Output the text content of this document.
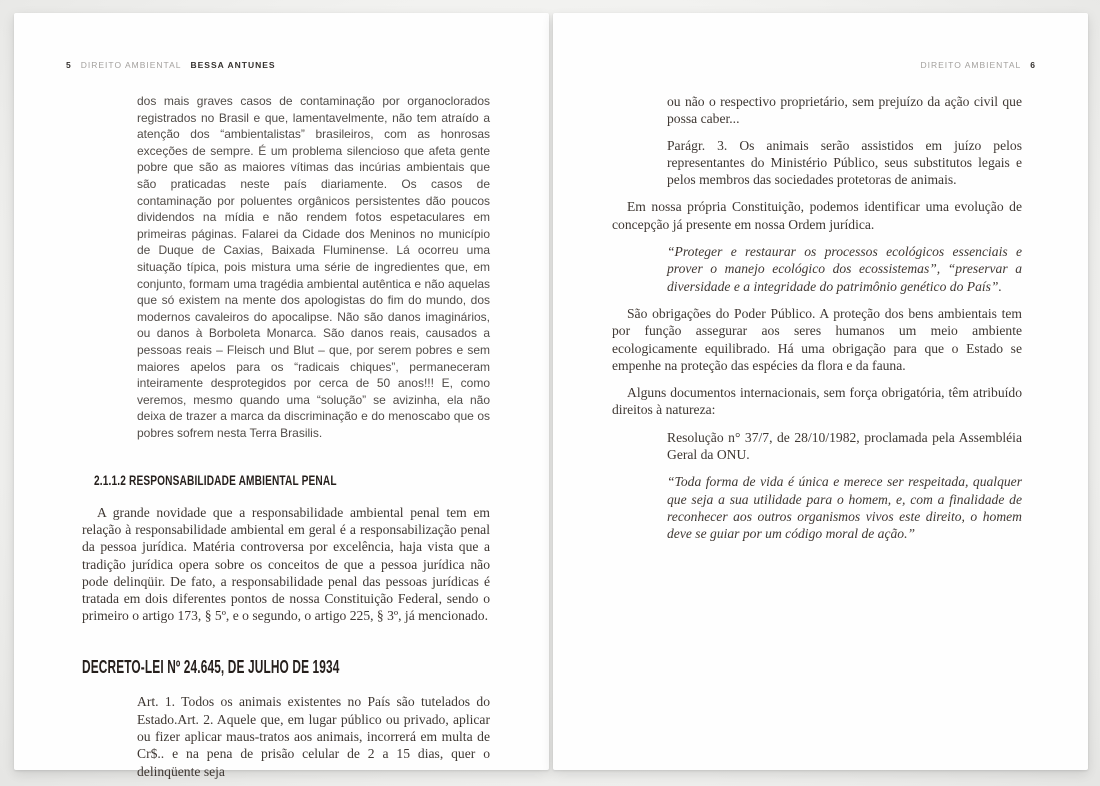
5 DIREITO AMBIENTAL BESSA ANTUNES

dos mais graves casos de contaminação por organoclorados registrados no Brasil e que, lamentavelmente, não tem atraído a atenção dos “ambientalistas” brasileiros, com as honrosas exceções de sempre. É um problema silencioso que afeta gente pobre que são as maiores vítimas das incúrias ambientais que são praticadas neste país diariamente. Os casos de contaminação por poluentes orgânicos persistentes dão poucos dividendos na mídia e não rendem fotos espetaculares em primeiras páginas. Falarei da Cidade dos Meninos no município de Duque de Caxias, Baixada Fluminense. Lá ocorreu uma situação típica, pois mistura uma série de ingredientes que, em conjunto, formam uma tragédia ambiental autêntica e não aquelas que só existem na mente dos apologistas do fim do mundo, dos modernos cavaleiros do apocalipse. Não são danos imaginários, ou danos à Borboleta Monarca. São danos reais, causados a pessoas reais – Fleisch und Blut – que, por serem pobres e sem maiores apelos para os “radicais chiques”, permaneceram inteiramente desprotegidos por cerca de 50 anos!!! E, como veremos, mesmo quando uma “solução” se avizinha, ela não deixa de trazer a marca da discriminação e do menoscabo que os pobres sofrem nesta Terra Brasilis.

2.1.1.2 RESPONSABILIDADE AMBIENTAL PENAL

A grande novidade que a responsabilidade ambiental penal tem em relação à responsabilidade ambiental em geral é a responsabilização penal da pessoa jurídica. Matéria controversa por excelência, haja vista que a tradição jurídica opera sobre os conceitos de que a pessoa jurídica não pode delinqüir. De fato, a responsabilidade penal das pessoas jurídicas é tratada em dois diferentes pontos de nossa Constituição Federal, sendo o primeiro o artigo 173, § 5º, e o segundo, o artigo 225, § 3º, já mencionado.

DECRETO-LEI Nº 24.645, DE JULHO DE 1934

Art. 1. Todos os animais existentes no País são tutelados do Estado.Art. 2. Aquele que, em lugar público ou privado, aplicar ou fizer aplicar maus-tratos aos animais, incorrerá em multa de Cr$.. e na pena de prisão celular de 2 a 15 dias, quer o delinqüente seja

DIREITO AMBIENTAL 6

ou não o respectivo proprietário, sem prejuízo da ação civil que possa caber...

Parágr. 3. Os animais serão assistidos em juízo pelos representantes do Ministério Público, seus substitutos legais e pelos membros das sociedades protetoras de animais.

Em nossa própria Constituição, podemos identificar uma evolução de concepção já presente em nossa Ordem jurídica.

“Proteger e restaurar os processos ecológicos essenciais e prover o manejo ecológico dos ecossistemas”, “preservar a diversidade e a integridade do patrimônio genético do País”.

São obrigações do Poder Público. A proteção dos bens ambientais tem por função assegurar aos seres humanos um meio ambiente ecologicamente equilibrado. Há uma obrigação para que o Estado se empenhe na proteção das espécies da flora e da fauna.

Alguns documentos internacionais, sem força obrigatória, têm atribuído direitos à natureza:

Resolução n° 37/7, de 28/10/1982, proclamada pela Assembléia Geral da ONU.

“Toda forma de vida é única e merece ser respeitada, qualquer que seja a sua utilidade para o homem, e, com a finalidade de reconhecer aos outros organismos vivos este direito, o homem deve se guiar por um código moral de ação.”
